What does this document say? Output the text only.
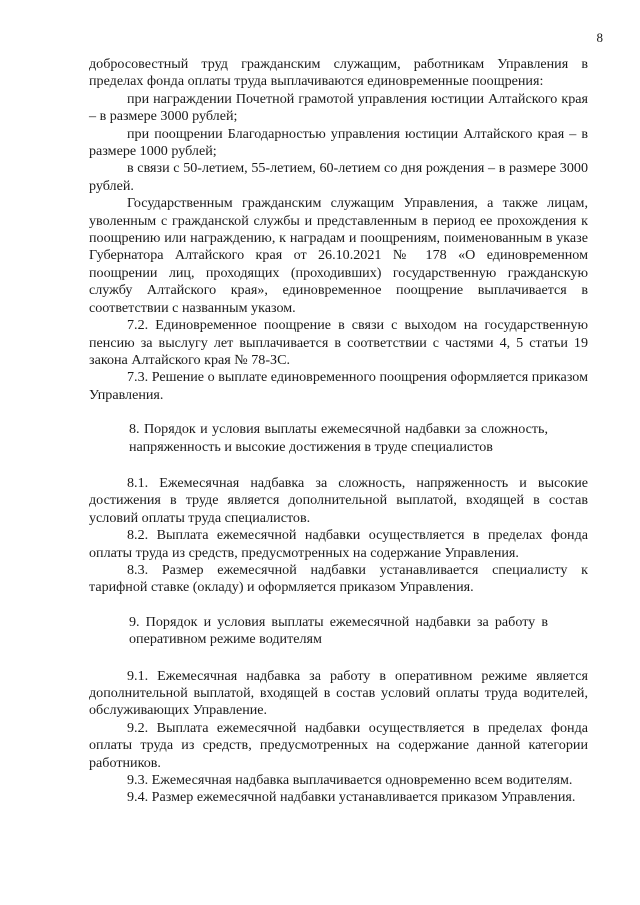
8

добросовестный труд гражданским служащим, работникам Управления в пределах фонда оплаты труда выплачиваются единовременные поощрения:

при награждении Почетной грамотой управления юстиции Алтайского края – в размере 3000 рублей;

при поощрении Благодарностью управления юстиции Алтайского края – в размере 1000 рублей;

в связи с 50-летием, 55-летием, 60-летием со дня рождения – в размере 3000 рублей.

Государственным гражданским служащим Управления, а также лицам, уволенным с гражданской службы и представленным в период ее прохождения к поощрению или награждению, к наградам и поощрениям, поименованным в указе Губернатора Алтайского края от 26.10.2021 № 178 «О единовременном поощрении лиц, проходящих (проходивших) государственную гражданскую службу Алтайского края», единовременное поощрение выплачивается в соответствии с названным указом.

7.2. Единовременное поощрение в связи с выходом на государственную пенсию за выслугу лет выплачивается в соответствии с частями 4, 5 статьи 19 закона Алтайского края № 78-ЗС.

7.3. Решение о выплате единовременного поощрения оформляется приказом Управления.

8. Порядок и условия выплаты ежемесячной надбавки за сложность, напряженность и высокие достижения в труде специалистов

8.1. Ежемесячная надбавка за сложность, напряженность и высокие достижения в труде является дополнительной выплатой, входящей в состав условий оплаты труда специалистов.

8.2. Выплата ежемесячной надбавки осуществляется в пределах фонда оплаты труда из средств, предусмотренных на содержание Управления.

8.3. Размер ежемесячной надбавки устанавливается специалисту к тарифной ставке (окладу) и оформляется приказом Управления.

9. Порядок и условия выплаты ежемесячной надбавки за работу в оперативном режиме водителям

9.1. Ежемесячная надбавка за работу в оперативном режиме является дополнительной выплатой, входящей в состав условий оплаты труда водителей, обслуживающих Управление.

9.2. Выплата ежемесячной надбавки осуществляется в пределах фонда оплаты труда из средств, предусмотренных на содержание данной категории работников.

9.3. Ежемесячная надбавка выплачивается одновременно всем водителям.

9.4. Размер ежемесячной надбавки устанавливается приказом Управления.
